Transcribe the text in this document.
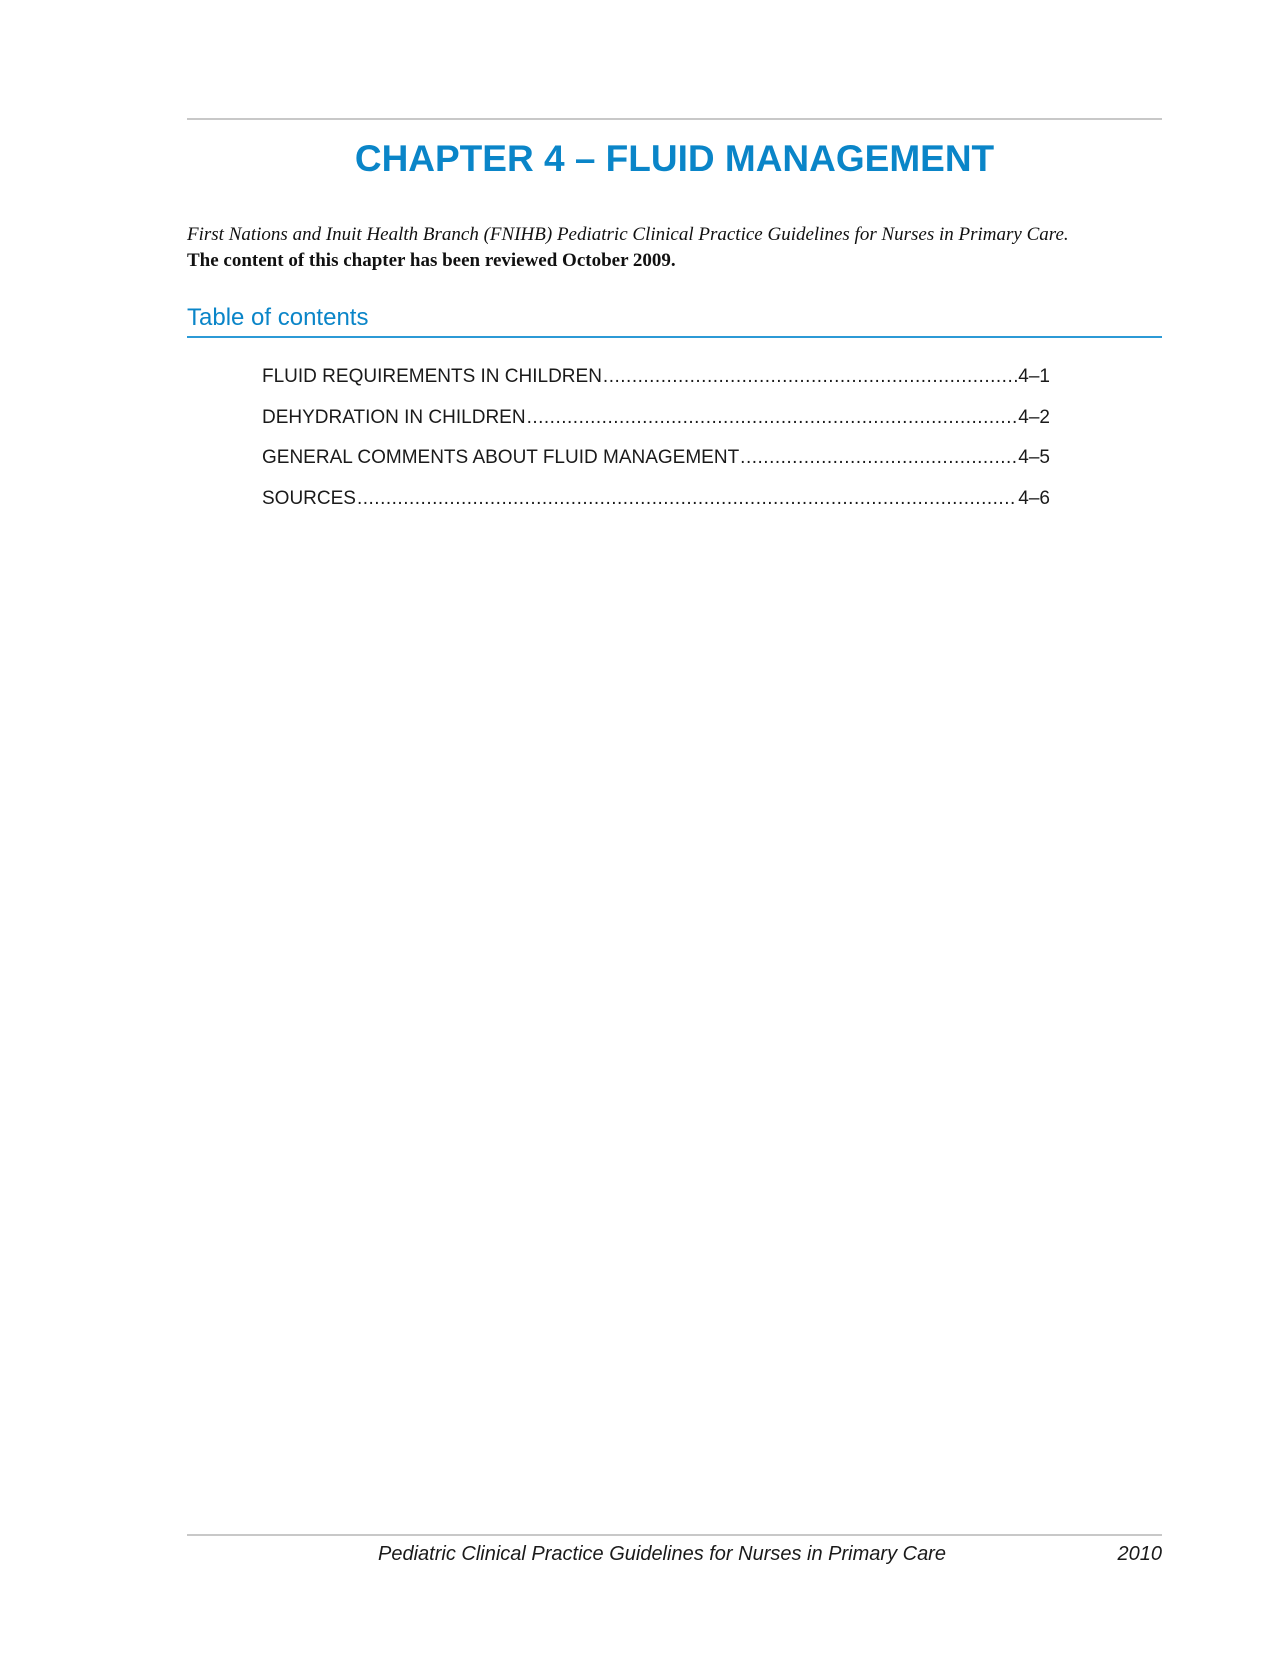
CHAPTER 4 – FLUID MANAGEMENT
First Nations and Inuit Health Branch (FNIHB) Pediatric Clinical Practice Guidelines for Nurses in Primary Care.
The content of this chapter has been reviewed October 2009.
Table of contents
FLUID REQUIREMENTS IN CHILDREN .....	4–1
DEHYDRATION IN CHILDREN .....	4–2
GENERAL COMMENTS ABOUT FLUID MANAGEMENT .....	4–5
SOURCES .....	4–6
Pediatric Clinical Practice Guidelines for Nurses in Primary Care	2010
